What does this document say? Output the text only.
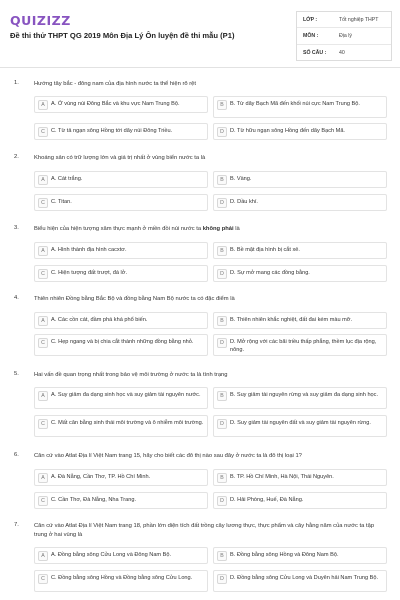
QUIZIZZ
Đề thi thử THPT QG 2019 Môn Địa Lý Ôn luyện đề thi mẫu (P1)
LỚP :	Tốt nghiệp THPT
MÔN :	Địa lý
SỐ CÂU : 40
1.	Hướng tây bắc - đông nam của địa hình nước ta thể hiện rõ rệt
A	A. Ở vùng núi Đông Bắc và khu vực Nam Trung Bộ.	B	B. Từ dãy Bạch Mã đến khối núi cực Nam Trung Bộ.
C	C. Từ tả ngạn sông Hồng tới dãy núi Đông Triều.	D	D. Từ hữu ngạn sông Hồng đến dãy Bạch Mã.
2.	Khoáng sản có trữ lượng lớn và giá trị nhất ở vùng biển nước ta là
A	A. Cát trắng.	B	B. Vàng.
C	C. Titan.	D	D. Dầu khí.
3.	Biểu hiện của hiện tượng xâm thực mạnh ở miền đồi núi nước ta không phải là
A	A. Hình thành địa hình cacxtơ.	B	B. Bề mặt địa hình bị cắt xẻ.
C	C. Hiện tượng đất trượt, đá lở.	D	D. Sự mở mang các đồng bằng.
4.	Thiên nhiên Đồng bằng Bắc Bộ và đồng bằng Nam Bộ nước ta có đặc điểm là
A	A. Các cồn cát, đầm phá khá phổ biến.	B	B. Thiên nhiên khắc nghiệt, đất đai kém màu mỡ.
C	C. Hẹp ngang và bị chia cắt thành những đồng bằng nhỏ.	D	D. Mở rộng với các bãi triều thấp phẳng, thềm lục địa rộng, nông.
5.	Hai vấn đề quan trọng nhất trong bảo vệ môi trường ở nước ta là tình trạng
A	A. Suy giảm đa dạng sinh học và suy giảm tài nguyên nước.	B	B. Suy giảm tài nguyên rừng và suy giảm đa dạng sinh học.
C	C. Mất cân bằng sinh thái môi trường và ô nhiễm môi trường.	D	D. Suy giảm tài nguyên đất và suy giảm tài nguyên rừng.
6.	Căn cứ vào Atlat Địa lí Việt Nam trang 15, hãy cho biết các đô thị nào sau đây ở nước ta là đô thị loại 1?
A	A. Đà Nẵng, Cần Thơ, TP. Hồ Chí Minh.	B	B. TP. Hồ Chí Minh, Hà Nội, Thái Nguyên.
C	C. Cần Thơ, Đà Nẵng, Nha Trang.	D	D. Hải Phòng, Huế, Đà Nẵng.
7.	Căn cứ vào Atlat Địa lí Việt Nam trang 18, phần lớn diện tích đất trồng cây lương thực, thực phẩm và cây hằng năm của nước ta tập trung ở hai vùng là
A	A. Đồng bằng sông Cửu Long và Đông Nam Bộ.	B	B. Đồng bằng sông Hồng và Đông Nam Bộ.
C	C. Đồng bằng sông Hồng và Đồng bằng sông Cửu Long.	D	D. Đồng bằng sông Cửu Long và Duyên hải Nam Trung Bộ.
